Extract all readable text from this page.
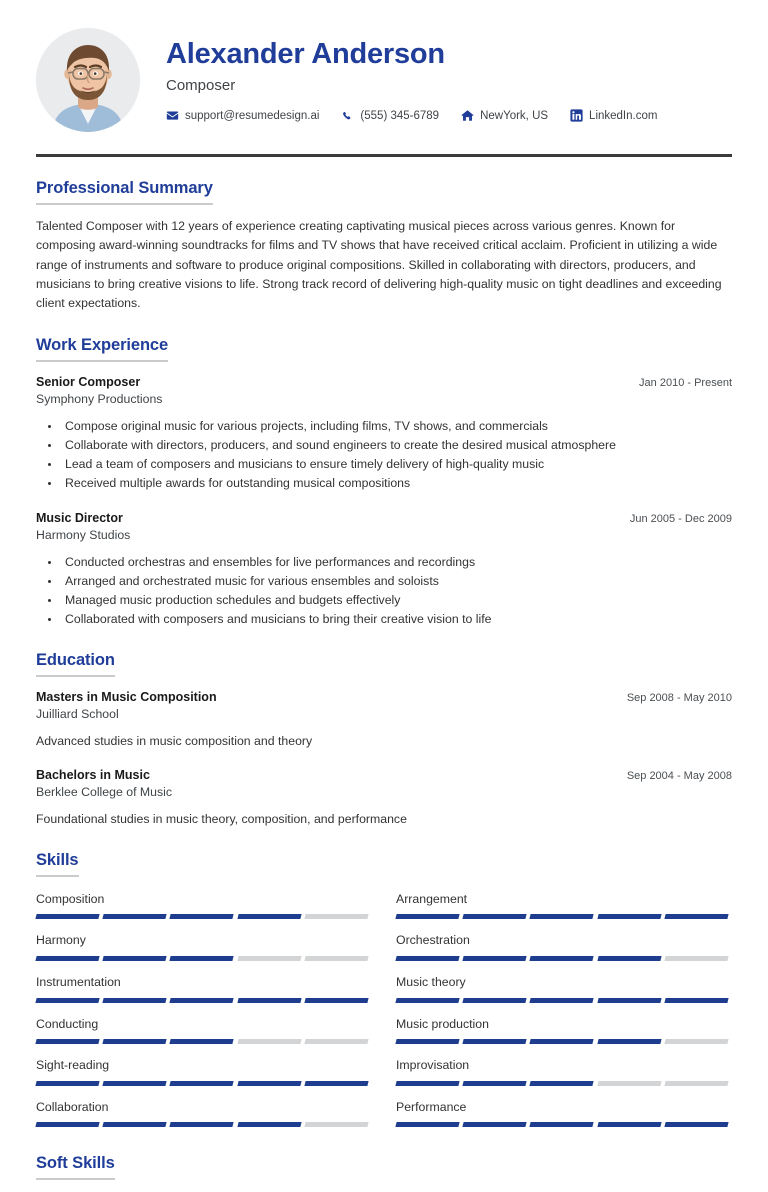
Alexander Anderson
Composer
support@resumedesign.ai	(555) 345-6789	NewYork, US	LinkedIn.com
Professional Summary

Talented Composer with 12 years of experience creating captivating musical pieces across various genres. Known for composing award-winning soundtracks for films and TV shows that have received critical acclaim. Proficient in utilizing a wide range of instruments and software to produce original compositions. Skilled in collaborating with directors, producers, and musicians to bring creative visions to life. Strong track record of delivering high-quality music on tight deadlines and exceeding client expectations.

Work Experience
Senior Composer	Jan 2010 - Present
Symphony Productions
• Compose original music for various projects, including films, TV shows, and commercials
• Collaborate with directors, producers, and sound engineers to create the desired musical atmosphere
• Lead a team of composers and musicians to ensure timely delivery of high-quality music
• Received multiple awards for outstanding musical compositions
Music Director	Jun 2005 - Dec 2009
Harmony Studios
• Conducted orchestras and ensembles for live performances and recordings
• Arranged and orchestrated music for various ensembles and soloists
• Managed music production schedules and budgets effectively
• Collaborated with composers and musicians to bring their creative vision to life
Education
Masters in Music Composition	Sep 2008 - May 2010
Juilliard School
Advanced studies in music composition and theory
Bachelors in Music	Sep 2004 - May 2008
Berklee College of Music
Foundational studies in music theory, composition, and performance
Skills
Composition	Arrangement
Harmony	Orchestration
Instrumentation	Music theory
Conducting	Music production
Sight-reading	Improvisation
Collaboration	Performance
Soft Skills
